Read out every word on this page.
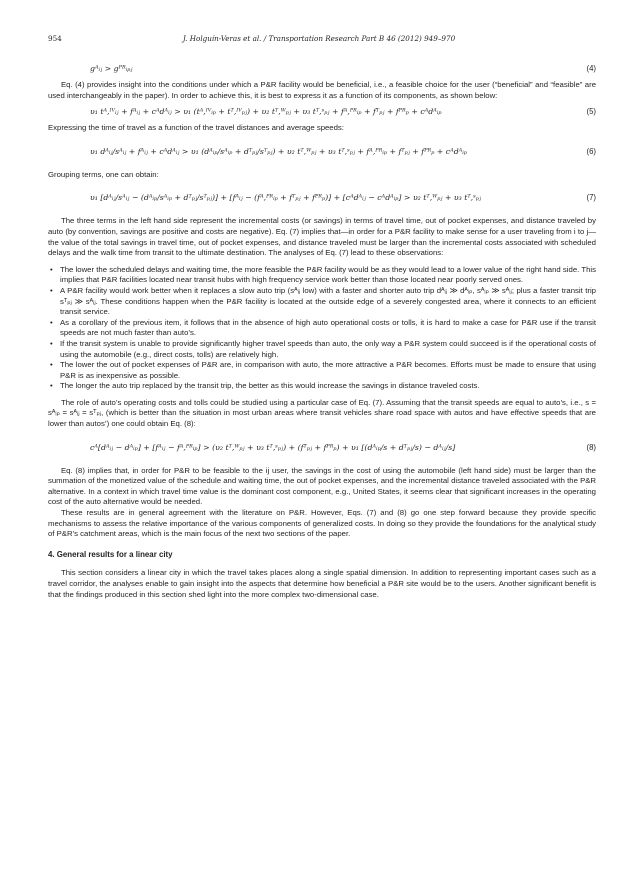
J. Holguín-Veras et al. / Transportation Research Part B 46 (2012) 949–970
954
gᴬᵢⱼ > gᴾᴿᵢₚⱼ	(4)

Eq. (4) provides insight into the conditions under which a P&R facility would be beneficial, i.e., a feasible choice for the user (“beneficial” and “feasible” are used interchangeably in the paper). In order to achieve this, it is best to express it as a function of its components, as shown below:

υ₁ tᴬ,ᴵⱽᵢⱼ + fᴬᵢⱼ + cᴬdᴬᵢⱼ > υ₁ (tᴬ,ᴵⱽᵢₚ + tᵀ,ᴵⱽₚⱼ) + υ₂ tᵀ,ᵂₚⱼ + υ₃ tᵀ,ˢₚⱼ + fᴬ,ᴾᴿᵢₚ + fᵀₚⱼ + fᴾᴿₚ + cᴬdᴬᵢₚ	(5)

Expressing the time of travel as a function of the travel distances and average speeds:

υ₁ dᴬᵢⱼ/sᴬᵢⱼ + fᴬᵢⱼ + cᴬdᴬᵢⱼ > υ₁ (dᴬᵢₚ/sᴬᵢₚ + dᵀₚⱼ/sᵀₚⱼ) + υ₂ tᵀ,ᵂₚⱼ + υ₃ tᵀ,ˢₚⱼ + fᴬ,ᴾᴿᵢₚ + fᵀₚⱼ + fᴾᴿₚ + cᴬdᴬᵢₚ	(6)

Grouping terms, one can obtain:

υ₁ [dᴬᵢⱼ/sᴬᵢⱼ − (dᴬᵢₚ/sᴬᵢₚ + dᵀₚⱼ/sᵀₚⱼ)] + [fᴬᵢⱼ − (fᴬ,ᴾᴿᵢₚ + fᵀₚⱼ + fᴾᴿₚ)] + [cᴬdᴬᵢⱼ − cᴬdᴬᵢₚ] > υ₂ tᵀ,ᵂₚⱼ + υ₃ tᵀ,ˢₚⱼ	(7)

The three terms in the left hand side represent the incremental costs (or savings) in terms of travel time, out of pocket expenses, and distance traveled by auto (by convention, savings are positive and costs are negative). Eq. (7) implies that—in order for a P&R facility to make sense for a user traveling from i to j—the value of the total savings in travel time, out of pocket expenses, and distance traveled must be larger than the incremental costs associated with scheduled delays and the walk time from transit to the ultimate destination. The analyses of Eq. (7) lead to these observations:

• The lower the scheduled delays and waiting time, the more feasible the P&R facility would be as they would lead to a lower value of the right hand side. This implies that P&R facilities located near transit hubs with high frequency service work better than those located near poorly served ones.
• A P&R facility would work better when it replaces a slow auto trip (sᴬᵢⱼ low) with a faster and shorter auto trip dᴬᵢⱼ ≫ dᴬᵢₚ, sᴬᵢₚ ≫ sᴬᵢⱼ; plus a faster transit trip sᵀₚⱼ ≫ sᴬᵢⱼ. These conditions happen when the P&R facility is located at the outside edge of a severely congested area, where it connects to an efficient transit service.
• As a corollary of the previous item, it follows that in the absence of high auto operational costs or tolls, it is hard to make a case for P&R use if the transit speeds are not much faster than auto’s.
• If the transit system is unable to provide significantly higher travel speeds than auto, the only way a P&R system could succeed is if the operational costs of using the automobile (e.g., direct costs, tolls) are relatively high.
• The lower the out of pocket expenses of P&R are, in comparison with auto, the more attractive a P&R becomes. Efforts must be made to ensure that using P&R is as inexpensive as possible.
• The longer the auto trip replaced by the transit trip, the better as this would increase the savings in distance traveled costs.

The role of auto’s operating costs and tolls could be studied using a particular case of Eq. (7). Assuming that the transit speeds are equal to auto’s, i.e., s = sᴬᵢₚ = sᴬᵢⱼ = sᵀₚⱼ, (which is better than the situation in most urban areas where transit vehicles share road space with autos and have effective speeds that are lower than autos’) one could obtain Eq. (8):

cᴬ[dᴬᵢⱼ − dᴬᵢₚ] + [fᴬᵢⱼ − fᴬ,ᴾᴿᵢₚ] > (υ₂ tᵀ,ᵂₚⱼ + υ₃ tᵀ,ˢₚⱼ) + (fᵀₚⱼ + fᴾᴿₚ) + υ₁ [(dᴬᵢₚ/s + dᵀₚⱼ/s) − dᴬᵢⱼ/s]	(8)

Eq. (8) implies that, in order for P&R to be feasible to the ij user, the savings in the cost of using the automobile (left hand side) must be larger than the summation of the monetized value of the schedule and waiting time, the out of pocket expenses, and the incremental distance traveled associated with the P&R alternative. In a context in which travel time value is the dominant cost component, e.g., United States, it seems clear that significant increases in the operating cost of the auto alternative would be needed.

These results are in general agreement with the literature on P&R. However, Eqs. (7) and (8) go one step forward because they provide specific mechanisms to assess the relative importance of the various components of generalized costs. In doing so they provide the foundations for the analytical study of P&R’s catchment areas, which is the main focus of the next two sections of the paper.

4. General results for a linear city

This section considers a linear city in which the travel takes places along a single spatial dimension. In addition to representing important cases such as a travel corridor, the analyses enable to gain insight into the aspects that determine how beneficial a P&R site would be to the users. Another significant benefit is that the findings produced in this section shed light into the more complex two-dimensional case.
